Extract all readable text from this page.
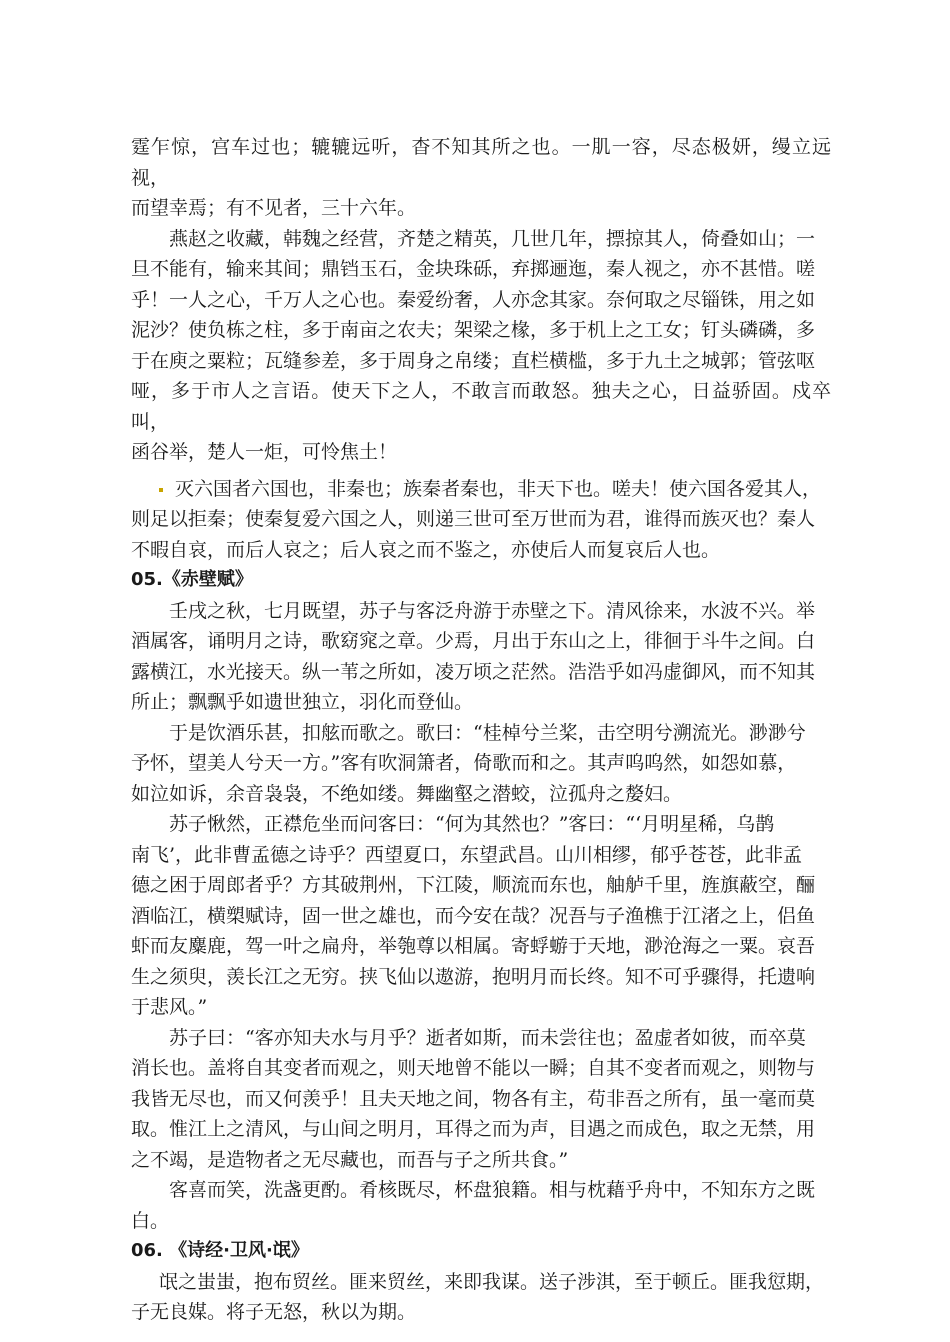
霆乍惊，宫车过也；辘辘远听，杳不知其所之也。一肌一容，尽态极妍，缦立远视，
而望幸焉；有不见者，三十六年。

燕赵之收藏，韩魏之经营，齐楚之精英，几世几年，摽掠其人，倚叠如山；一
旦不能有，输来其间；鼎铛玉石，金块珠砾，弃掷逦迤，秦人视之，亦不甚惜。嗟
乎！一人之心，千万人之心也。秦爱纷奢，人亦念其家。奈何取之尽锱铢，用之如
泥沙？使负栋之柱，多于南亩之农夫；架梁之椽，多于机上之工女；钉头磷磷，多
于在庾之粟粒；瓦缝参差，多于周身之帛缕；直栏横槛，多于九土之城郭；管弦呕
哑，多于市人之言语。使天下之人，不敢言而敢怒。独夫之心，日益骄固。戍卒叫，
函谷举，楚人一炬，可怜焦土！

灭六国者六国也，非秦也；族秦者秦也，非天下也。嗟夫！使六国各爱其人，
则足以拒秦；使秦复爱六国之人，则递三世可至万世而为君，谁得而族灭也？秦人
不暇自哀，而后人哀之；后人哀之而不鉴之，亦使后人而复哀后人也。

05.《赤壁赋》

壬戌之秋，七月既望，苏子与客泛舟游于赤壁之下。清风徐来，水波不兴。举
酒属客，诵明月之诗，歌窈窕之章。少焉，月出于东山之上，徘徊于斗牛之间。白
露横江，水光接天。纵一苇之所如，凌万顷之茫然。浩浩乎如冯虚御风，而不知其
所止；飘飘乎如遗世独立，羽化而登仙。

于是饮酒乐甚，扣舷而歌之。歌曰：“桂棹兮兰桨，击空明兮溯流光。渺渺兮
予怀，望美人兮天一方。”客有吹洞箫者，倚歌而和之。其声呜呜然，如怨如慕，
如泣如诉，余音袅袅，不绝如缕。舞幽壑之潜蛟，泣孤舟之嫠妇。

苏子愀然，正襟危坐而问客曰：“何为其然也？”客曰：“‘月明星稀，乌鹊
南飞’，此非曹孟德之诗乎？西望夏口，东望武昌。山川相缪，郁乎苍苍，此非孟
德之困于周郎者乎？方其破荆州，下江陵，顺流而东也，舳舻千里，旌旗蔽空，酾
酒临江，横槊赋诗，固一世之雄也，而今安在哉？况吾与子渔樵于江渚之上，侣鱼
虾而友麋鹿，驾一叶之扁舟，举匏尊以相属。寄蜉蝣于天地，渺沧海之一粟。哀吾
生之须臾，羡长江之无穷。挟飞仙以遨游，抱明月而长终。知不可乎骤得，托遗响
于悲风。”

苏子曰：“客亦知夫水与月乎？逝者如斯，而未尝往也；盈虚者如彼，而卒莫
消长也。盖将自其变者而观之，则天地曾不能以一瞬；自其不变者而观之，则物与
我皆无尽也，而又何羡乎！且夫天地之间，物各有主，苟非吾之所有，虽一毫而莫
取。惟江上之清风，与山间之明月，耳得之而为声，目遇之而成色，取之无禁，用
之不竭，是造物者之无尽藏也，而吾与子之所共食。”

客喜而笑，洗盏更酌。肴核既尽，杯盘狼籍。相与枕藉乎舟中，不知东方之既
白。

06. 《诗经·卫风·氓》

氓之蚩蚩，抱布贸丝。匪来贸丝，来即我谋。送子涉淇，至于顿丘。匪我愆期，
子无良媒。将子无怒，秋以为期。
